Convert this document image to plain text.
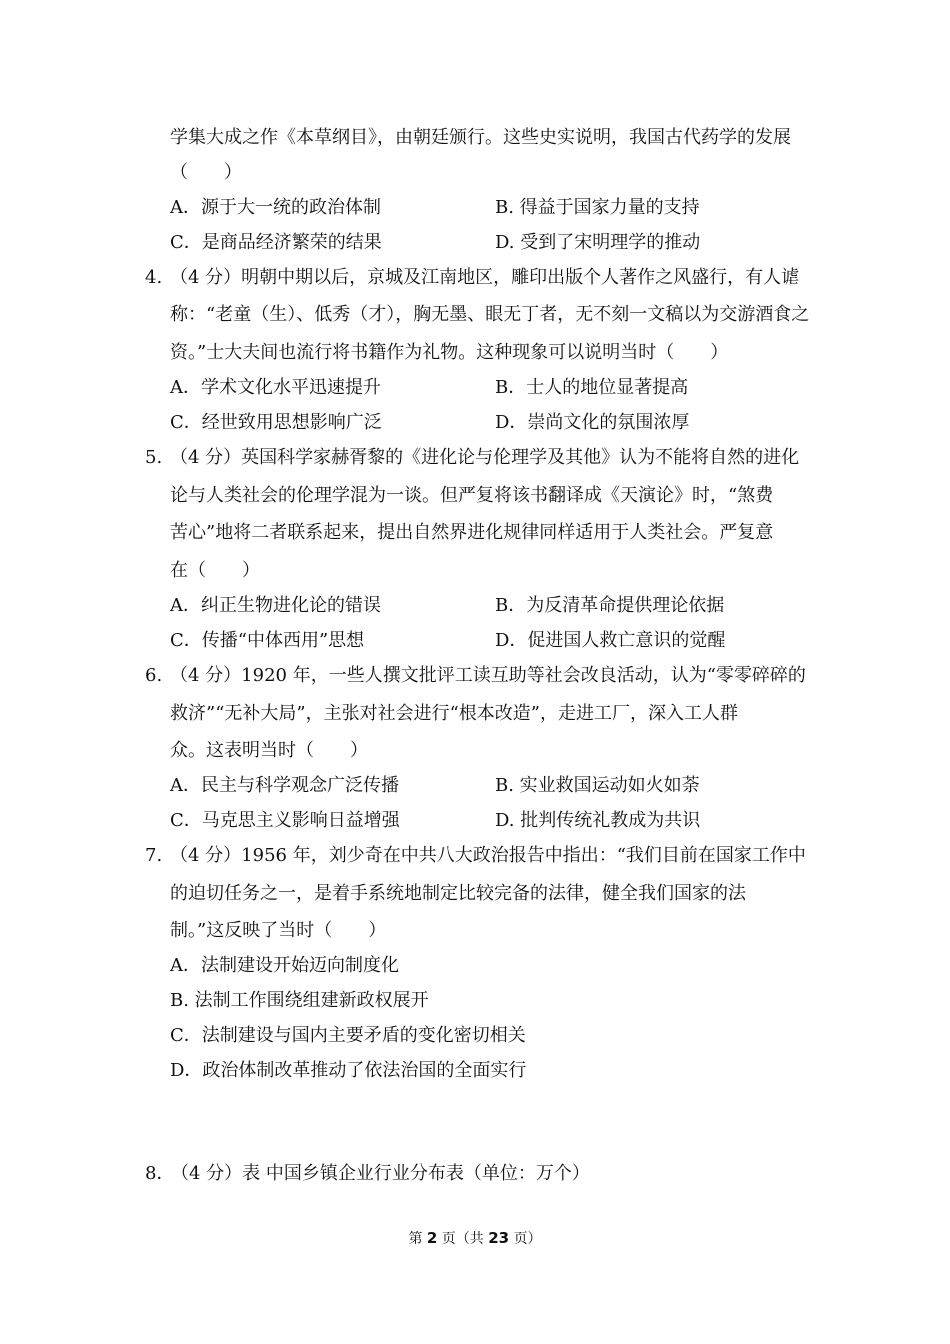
学集大成之作《本草纲目》，由朝廷颁行。这些史实说明，我国古代药学的发展
（　　）
A．源于大一统的政治体制	B. 得益于国家力量的支持
C．是商品经济繁荣的结果	D. 受到了宋明理学的推动
4. （4 分）明朝中期以后，京城及江南地区，雕印出版个人著作之风盛行，有人谑
称：“老童（生）、低秀（才），胸无墨、眼无丁者，无不刻一文稿以为交游酒食之
资。”士大夫间也流行将书籍作为礼物。这种现象可以说明当时（　　）
A．学术文化水平迅速提升	B．士人的地位显著提高
C．经世致用思想影响广泛	D．崇尚文化的氛围浓厚
5. （4 分）英国科学家赫胥黎的《进化论与伦理学及其他》认为不能将自然的进化
论与人类社会的伦理学混为一谈。但严复将该书翻译成《天演论》时，“煞费
苦心”地将二者联系起来，提出自然界进化规律同样适用于人类社会。严复意
在（　　）
A．纠正生物进化论的错误	B．为反清革命提供理论依据
C．传播“中体西用”思想	D．促进国人救亡意识的觉醒
6. （4 分）1920 年，一些人撰文批评工读互助等社会改良活动，认为“零零碎碎的
救济”“无补大局”，主张对社会进行“根本改造”，走进工厂，深入工人群
众。这表明当时（　　）
A．民主与科学观念广泛传播	B. 实业救国运动如火如荼
C．马克思主义影响日益增强	D. 批判传统礼教成为共识
7. （4 分）1956 年，刘少奇在中共八大政治报告中指出：“我们目前在国家工作中
的迫切任务之一，是着手系统地制定比较完备的法律，健全我们国家的法
制。”这反映了当时（　　）
A．法制建设开始迈向制度化
B. 法制工作围绕组建新政权展开
C．法制建设与国内主要矛盾的变化密切相关
D．政治体制改革推动了依法治国的全面实行
8．（4 分）表 中国乡镇企业行业分布表（单位：万个）
第 2 页（共 23 页）
